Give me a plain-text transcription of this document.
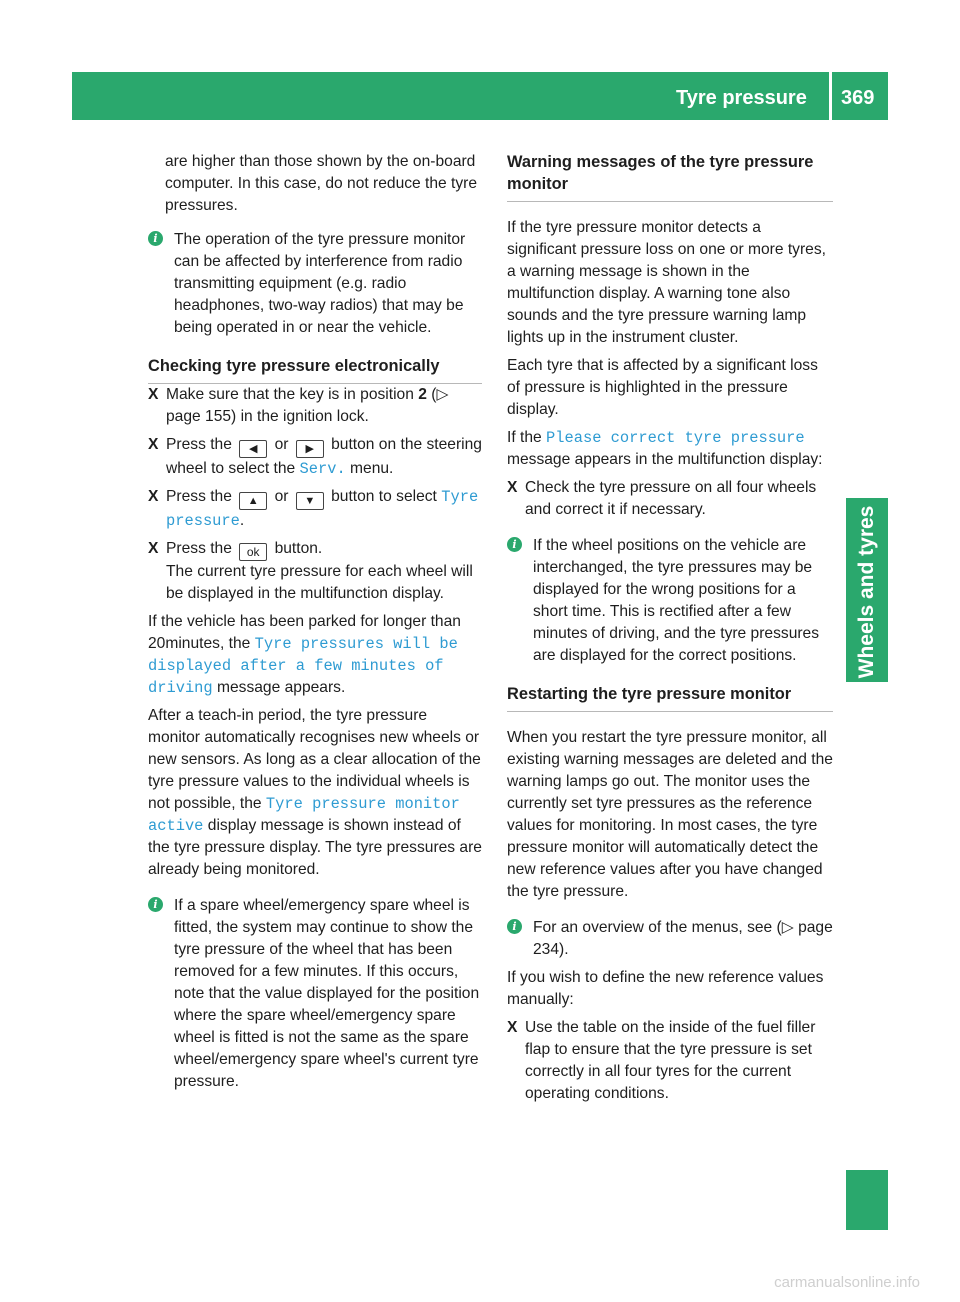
Tyre pressure 369
Wheels and tyres

are higher than those shown by the on-board computer. In this case, do not reduce the tyre pressures.

i	The operation of the tyre pressure monitor can be affected by interference from radio transmitting equipment (e.g. radio headphones, two-way radios) that may be being operated in or near the vehicle.
Checking tyre pressure electronically
X Make sure that the key is in position 2 (▷ page 155) in the ignition lock.
X Press the ◀ or ▶ button on the steering wheel to select the Serv. menu.
X Press the ▲ or ▼ button to select Tyre pressure.
X Press the ok button.
The current tyre pressure for each wheel will be displayed in the multifunction display.

If the vehicle has been parked for longer than 20minutes, the Tyre pressures will be displayed after a few minutes of driving message appears.

After a teach-in period, the tyre pressure monitor automatically recognises new wheels or new sensors. As long as a clear allocation of the tyre pressure values to the individual wheels is not possible, the Tyre pressure monitor active display message is shown instead of the tyre pressure display. The tyre pressures are already being monitored.

i	If a spare wheel/emergency spare wheel is fitted, the system may continue to show the tyre pressure of the wheel that has been removed for a few minutes. If this occurs, note that the value displayed for the position where the spare wheel/emergency spare wheel is fitted is not the same as the spare wheel/emergency spare wheel's current tyre pressure.
Warning messages of the tyre pressure monitor

If the tyre pressure monitor detects a significant pressure loss on one or more tyres, a warning message is shown in the multifunction display. A warning tone also sounds and the tyre pressure warning lamp lights up in the instrument cluster.

Each tyre that is affected by a significant loss of pressure is highlighted in the pressure display.

If the Please correct tyre pressure message appears in the multifunction display:

X Check the tyre pressure on all four wheels and correct it if necessary.
i	If the wheel positions on the vehicle are interchanged, the tyre pressures may be displayed for the wrong positions for a short time. This is rectified after a few minutes of driving, and the tyre pressures are displayed for the correct positions.
Restarting the tyre pressure monitor

When you restart the tyre pressure monitor, all existing warning messages are deleted and the warning lamps go out. The monitor uses the currently set tyre pressures as the reference values for monitoring. In most cases, the tyre pressure monitor will automatically detect the new reference values after you have changed the tyre pressure.

i	For an overview of the menus, see (▷ page 234).

If you wish to define the new reference values manually:

X Use the table on the inside of the fuel filler flap to ensure that the tyre pressure is set correctly in all four tyres for the current operating conditions.
carmanualsonline.info
